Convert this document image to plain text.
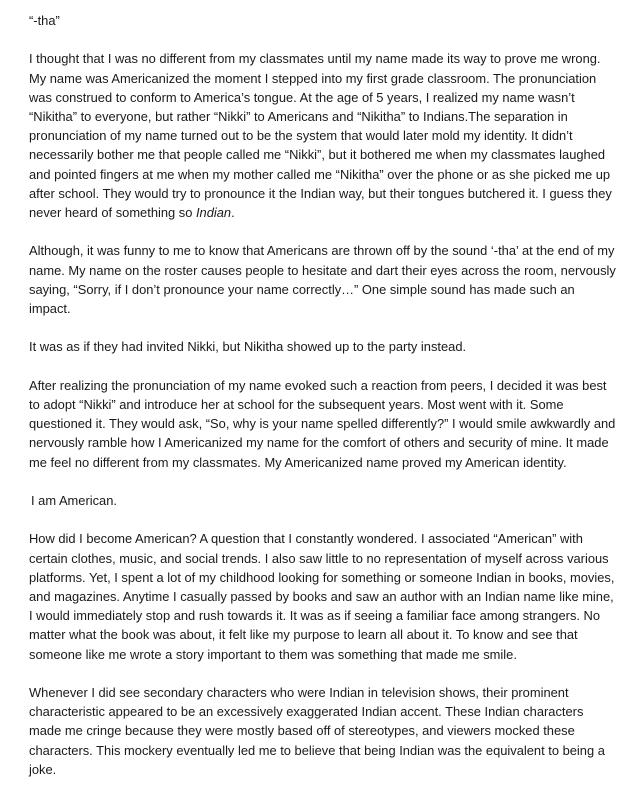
“-tha”

I thought that I was no different from my classmates until my name made its way to prove me wrong. My name was Americanized the moment I stepped into my first grade classroom. The pronunciation was construed to conform to America’s tongue. At the age of 5 years, I realized my name wasn’t “Nikitha” to everyone, but rather “Nikki” to Americans and “Nikitha” to Indians.The separation in pronunciation of my name turned out to be the system that would later mold my identity. It didn’t necessarily bother me that people called me “Nikki”, but it bothered me when my classmates laughed and pointed fingers at me when my mother called me “Nikitha” over the phone or as she picked me up after school. They would try to pronounce it the Indian way, but their tongues butchered it. I guess they never heard of something so Indian.

Although, it was funny to me to know that Americans are thrown off by the sound ‘-tha’ at the end of my name. My name on the roster causes people to hesitate and dart their eyes across the room, nervously saying, “Sorry, if I don’t pronounce your name correctly…” One simple sound has made such an impact.

It was as if they had invited Nikki, but Nikitha showed up to the party instead.

After realizing the pronunciation of my name evoked such a reaction from peers, I decided it was best to adopt “Nikki” and introduce her at school for the subsequent years. Most went with it. Some questioned it. They would ask, “So, why is your name spelled differently?” I would smile awkwardly and nervously ramble how I Americanized my name for the comfort of others and security of mine. It made me feel no different from my classmates. My Americanized name proved my American identity.

I am American.

How did I become American? A question that I constantly wondered. I associated “American” with certain clothes, music, and social trends. I also saw little to no representation of myself across various platforms. Yet, I spent a lot of my childhood looking for something or someone Indian in books, movies, and magazines. Anytime I casually passed by books and saw an author with an Indian name like mine, I would immediately stop and rush towards it. It was as if seeing a familiar face among strangers. No matter what the book was about, it felt like my purpose to learn all about it. To know and see that someone like me wrote a story important to them was something that made me smile.

Whenever I did see secondary characters who were Indian in television shows, their prominent characteristic appeared to be an excessively exaggerated Indian accent. These Indian characters made me cringe because they were mostly based off of stereotypes, and viewers mocked these characters. This mockery eventually led me to believe that being Indian was the equivalent to being a joke.
